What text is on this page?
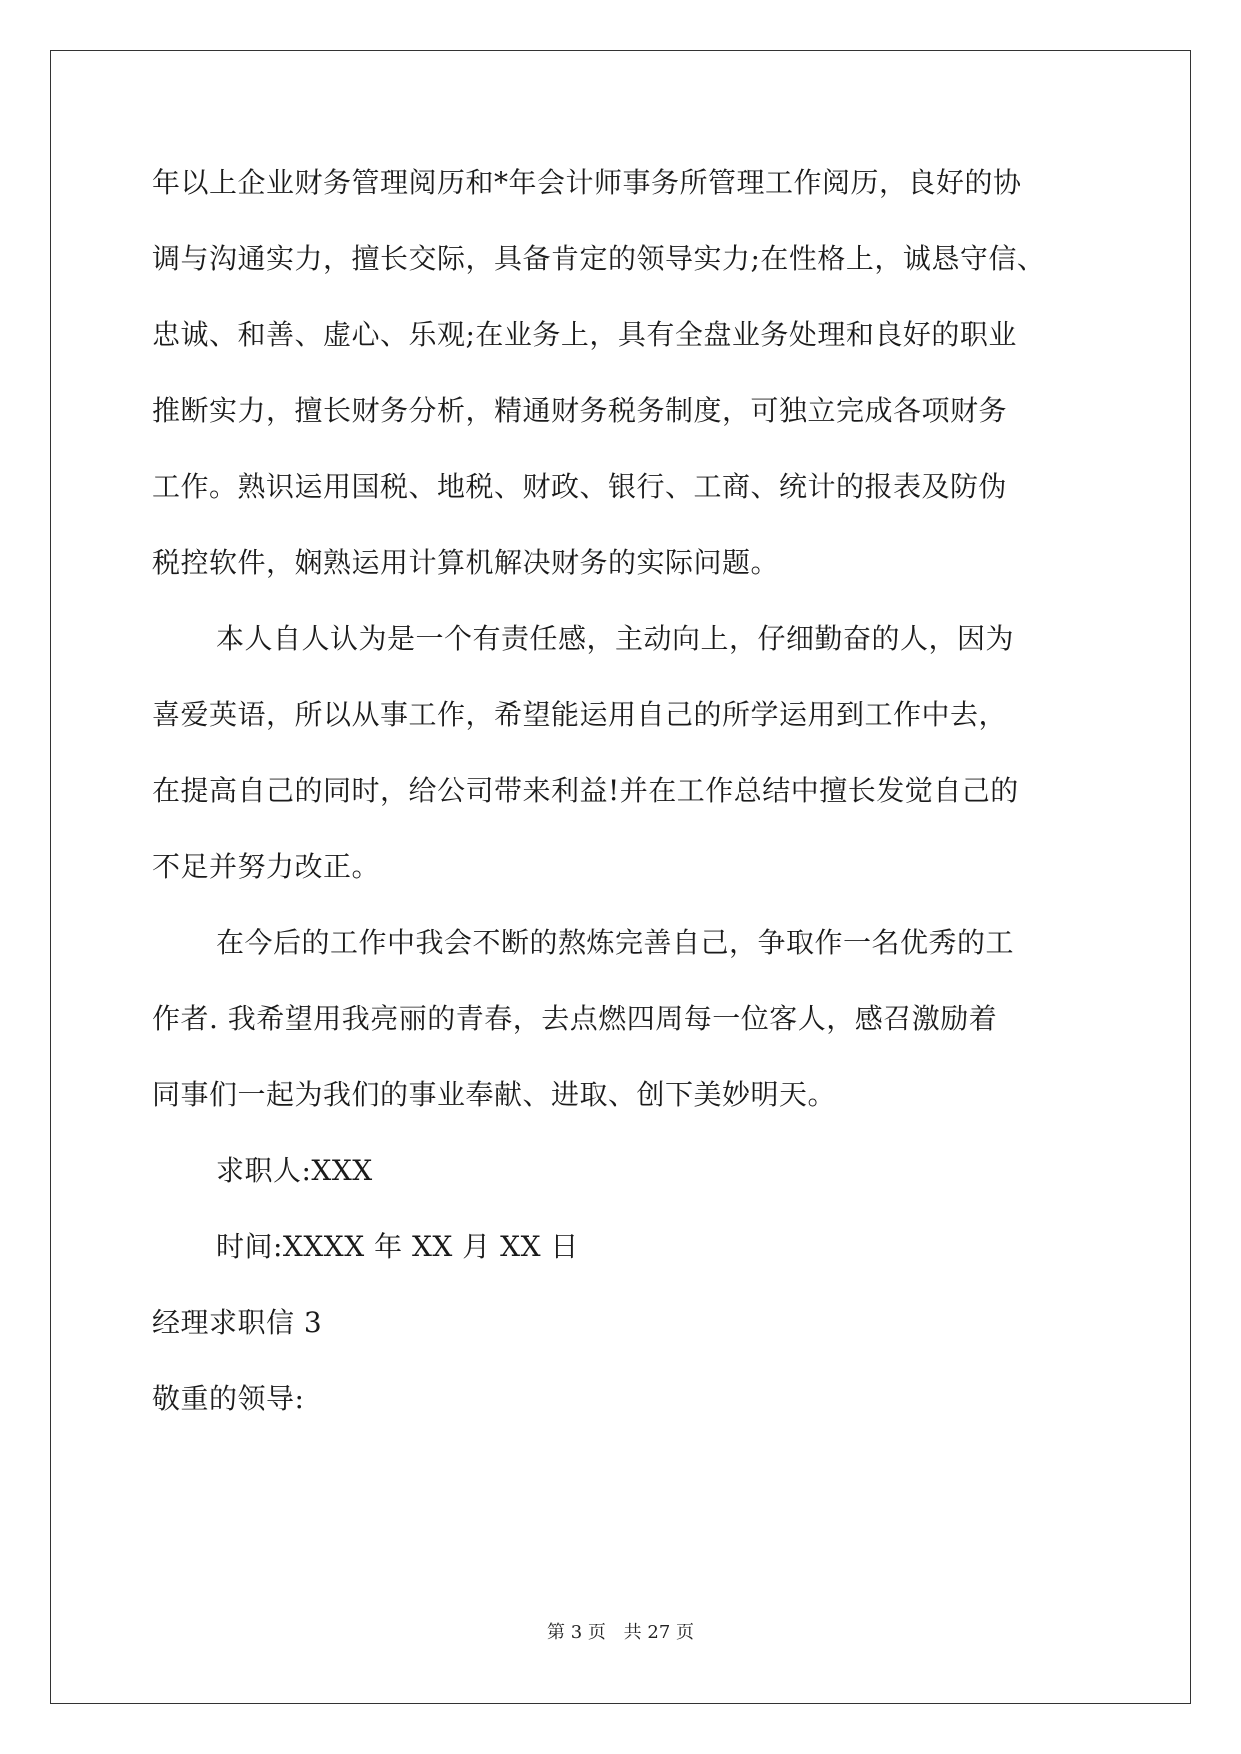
年以上企业财务管理阅历和*年会计师事务所管理工作阅历，良好的协
调与沟通实力，擅长交际，具备肯定的领导实力;在性格上，诚恳守信、
忠诚、和善、虚心、乐观;在业务上，具有全盘业务处理和良好的职业
推断实力，擅长财务分析，精通财务税务制度，可独立完成各项财务
工作。熟识运用国税、地税、财政、银行、工商、统计的报表及防伪
税控软件，娴熟运用计算机解决财务的实际问题。
本人自人认为是一个有责任感，主动向上，仔细勤奋的人，因为
喜爱英语，所以从事工作，希望能运用自己的所学运用到工作中去，
在提高自己的同时，给公司带来利益!并在工作总结中擅长发觉自己的
不足并努力改正。
在今后的工作中我会不断的熬炼完善自己，争取作一名优秀的工
作者. 我希望用我亮丽的青春，去点燃四周每一位客人，感召激励着
同事们一起为我们的事业奉献、进取、创下美妙明天。
求职人:XXX
时间:XXXX 年 XX 月 XX 日
经理求职信 3
敬重的领导:
第 3 页 共 27 页
